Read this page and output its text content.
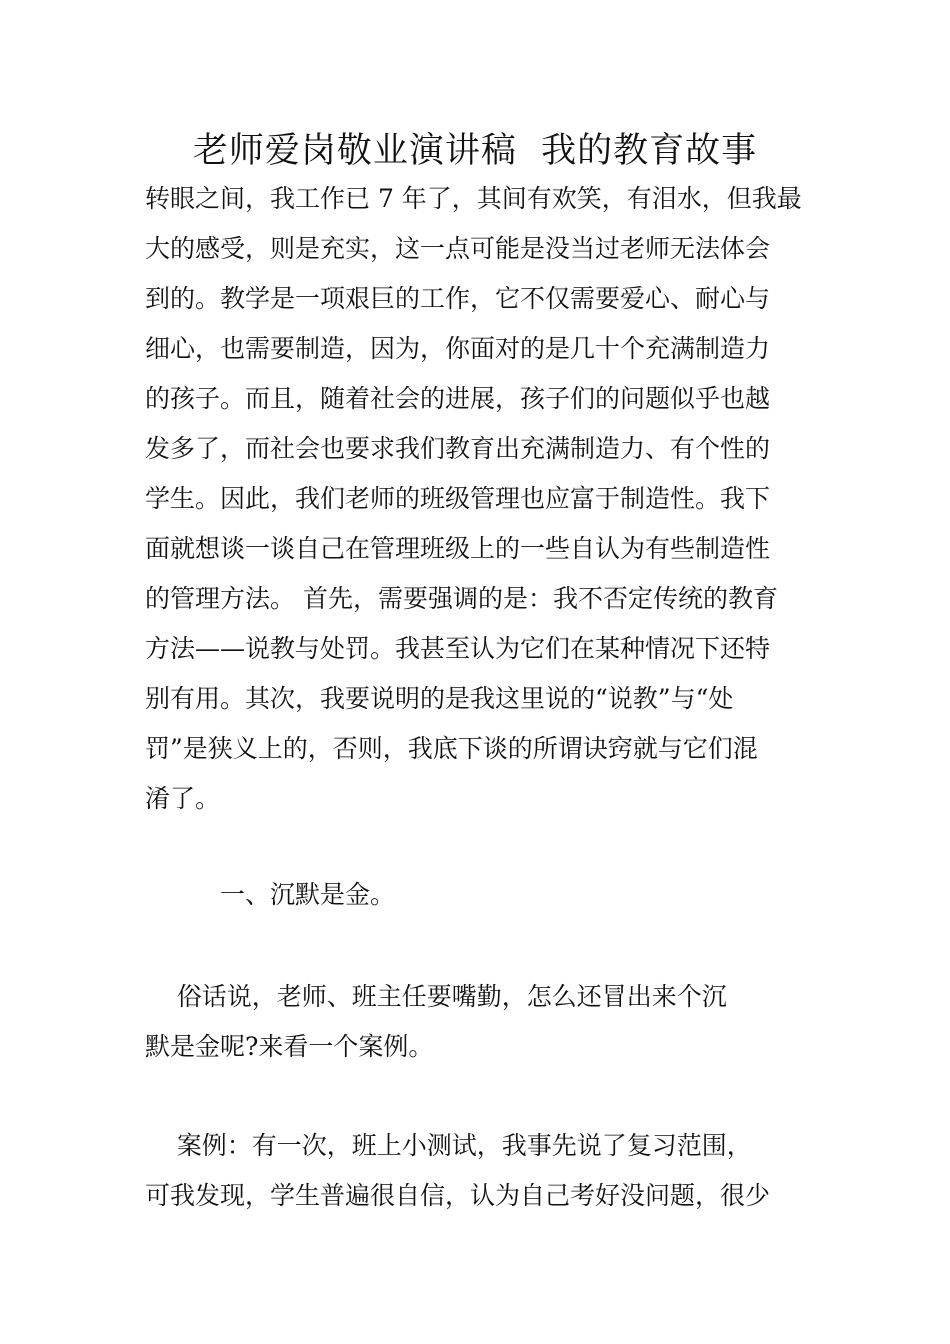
老师爱岗敬业演讲稿  我的教育故事
转眼之间，我工作已 7 年了，其间有欢笑，有泪水，但我最
大的感受，则是充实，这一点可能是没当过老师无法体会
到的。教学是一项艰巨的工作，它不仅需要爱心、耐心与
细心，也需要制造，因为，你面对的是几十个充满制造力
的孩子。而且，随着社会的进展，孩子们的问题似乎也越
发多了，而社会也要求我们教育出充满制造力、有个性的
学生。因此，我们老师的班级管理也应富于制造性。我下
面就想谈一谈自己在管理班级上的一些自认为有些制造性
的管理方法。 首先，需要强调的是：我不否定传统的教育
方法——说教与处罚。我甚至认为它们在某种情况下还特
别有用。其次，我要说明的是我这里说的“说教”与“处
罚”是狭义上的，否则，我底下谈的所谓诀窍就与它们混
淆了。
一、沉默是金。
俗话说，老师、班主任要嘴勤，怎么还冒出来个沉
默是金呢?来看一个案例。
案例：有一次，班上小测试，我事先说了复习范围，
可我发现，学生普遍很自信，认为自己考好没问题，很少
